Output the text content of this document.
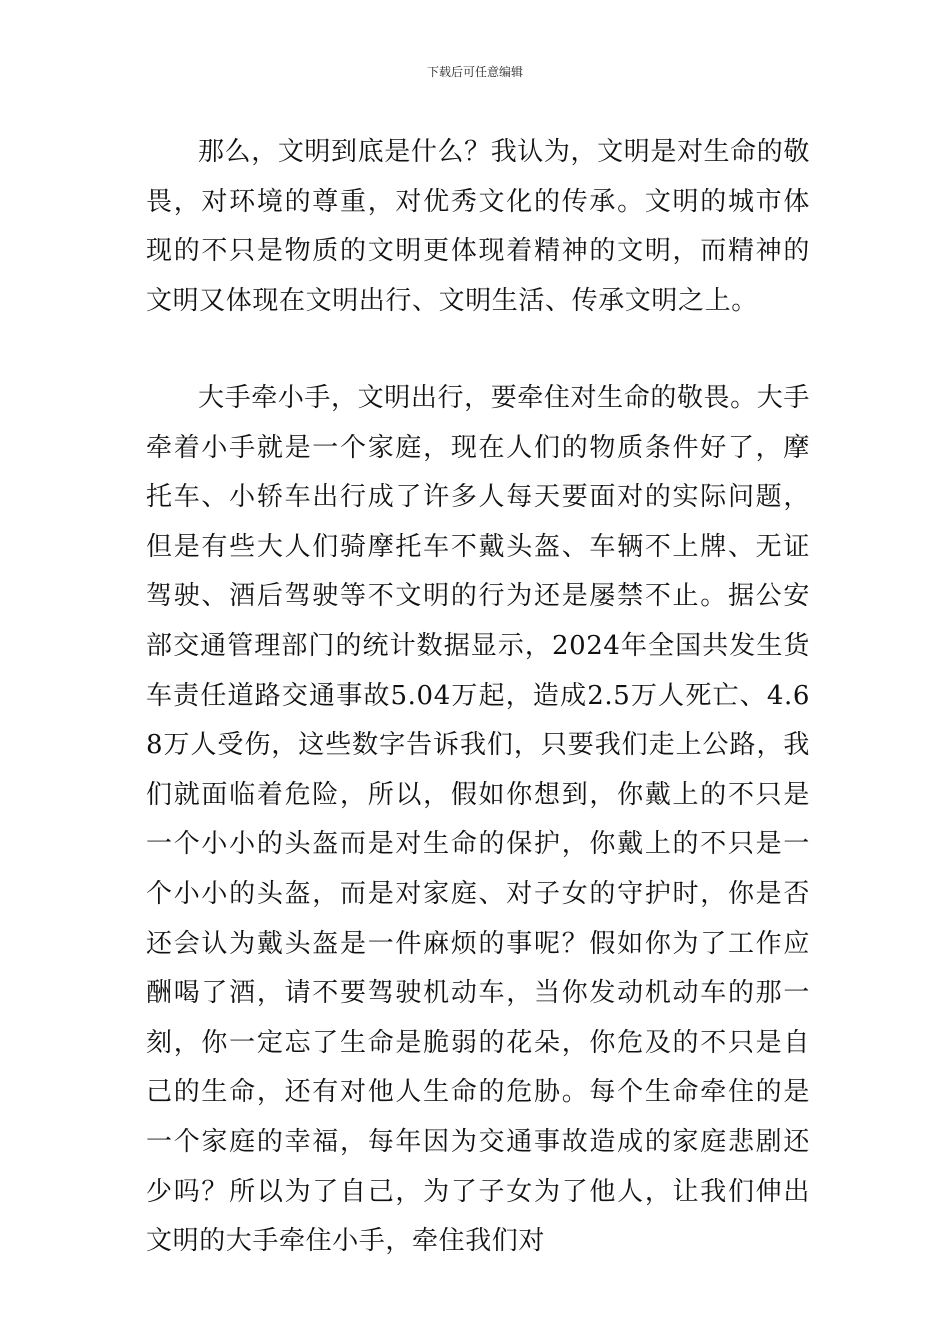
下载后可任意编辑

那么，文明到底是什么？我认为，文明是对生命的敬畏，对环境的尊重，对优秀文化的传承。文明的城市体现的不只是物质的文明更体现着精神的文明，而精神的文明又体现在文明出行、文明生活、传承文明之上。

大手牵小手，文明出行，要牵住对生命的敬畏。大手牵着小手就是一个家庭，现在人们的物质条件好了，摩托车、小轿车出行成了许多人每天要面对的实际问题，但是有些大人们骑摩托车不戴头盔、车辆不上牌、无证驾驶、酒后驾驶等不文明的行为还是屡禁不止。据公安部交通管理部门的统计数据显示，2024年全国共发生货车责任道路交通事故5.04万起，造成2.5万人死亡、4.68万人受伤，这些数字告诉我们，只要我们走上公路，我们就面临着危险，所以，假如你想到，你戴上的不只是一个小小的头盔而是对生命的保护，你戴上的不只是一个小小的头盔，而是对家庭、对子女的守护时，你是否还会认为戴头盔是一件麻烦的事呢？假如你为了工作应酬喝了酒，请不要驾驶机动车，当你发动机动车的那一刻，你一定忘了生命是脆弱的花朵，你危及的不只是自己的生命，还有对他人生命的危胁。每个生命牵住的是一个家庭的幸福，每年因为交通事故造成的家庭悲剧还少吗？所以为了自己，为了子女为了他人，让我们伸出文明的大手牵住小手，牵住我们对
